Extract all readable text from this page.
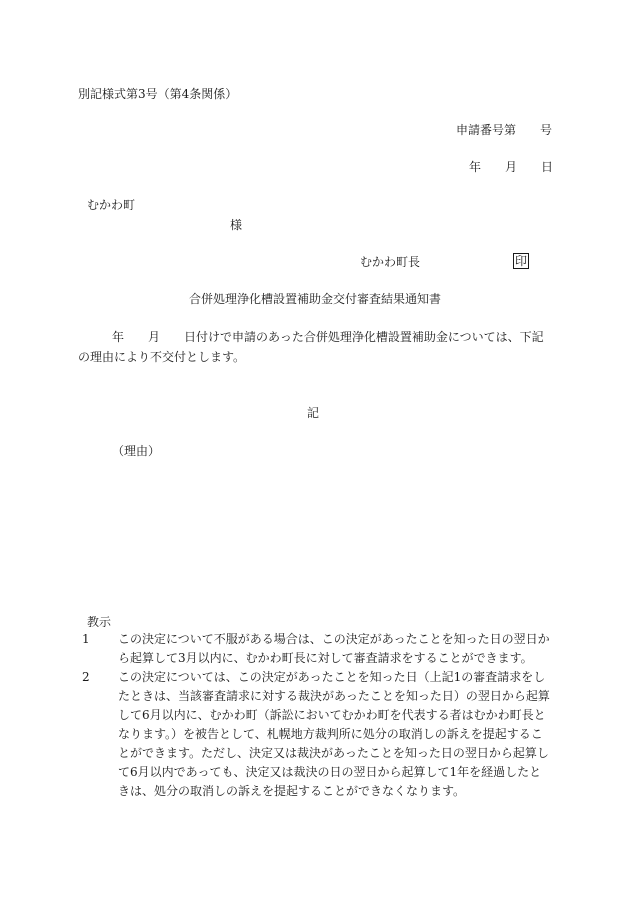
別記様式第3号（第4条関係）
申請番号第　　号
年　　月　　日
むかわ町
様
むかわ町長	印
合併処理浄化槽設置補助金交付審査結果通知書
年　　月　　日付けで申請のあった合併処理浄化槽設置補助金については、下記の理由により不交付とします。
記
（理由）
教示
1 この決定について不服がある場合は、この決定があったことを知った日の翌日から起算して3月以内に、むかわ町長に対して審査請求をすることができます。
2 この決定については、この決定があったことを知った日（上記1の審査請求をしたときは、当該審査請求に対する裁決があったことを知った日）の翌日から起算して6月以内に、むかわ町（訴訟においてむかわ町を代表する者はむかわ町長となります。）を被告として、札幌地方裁判所に処分の取消しの訴えを提起することができます。ただし、決定又は裁決があったことを知った日の翌日から起算して6月以内であっても、決定又は裁決の日の翌日から起算して1年を経過したときは、処分の取消しの訴えを提起することができなくなります。
